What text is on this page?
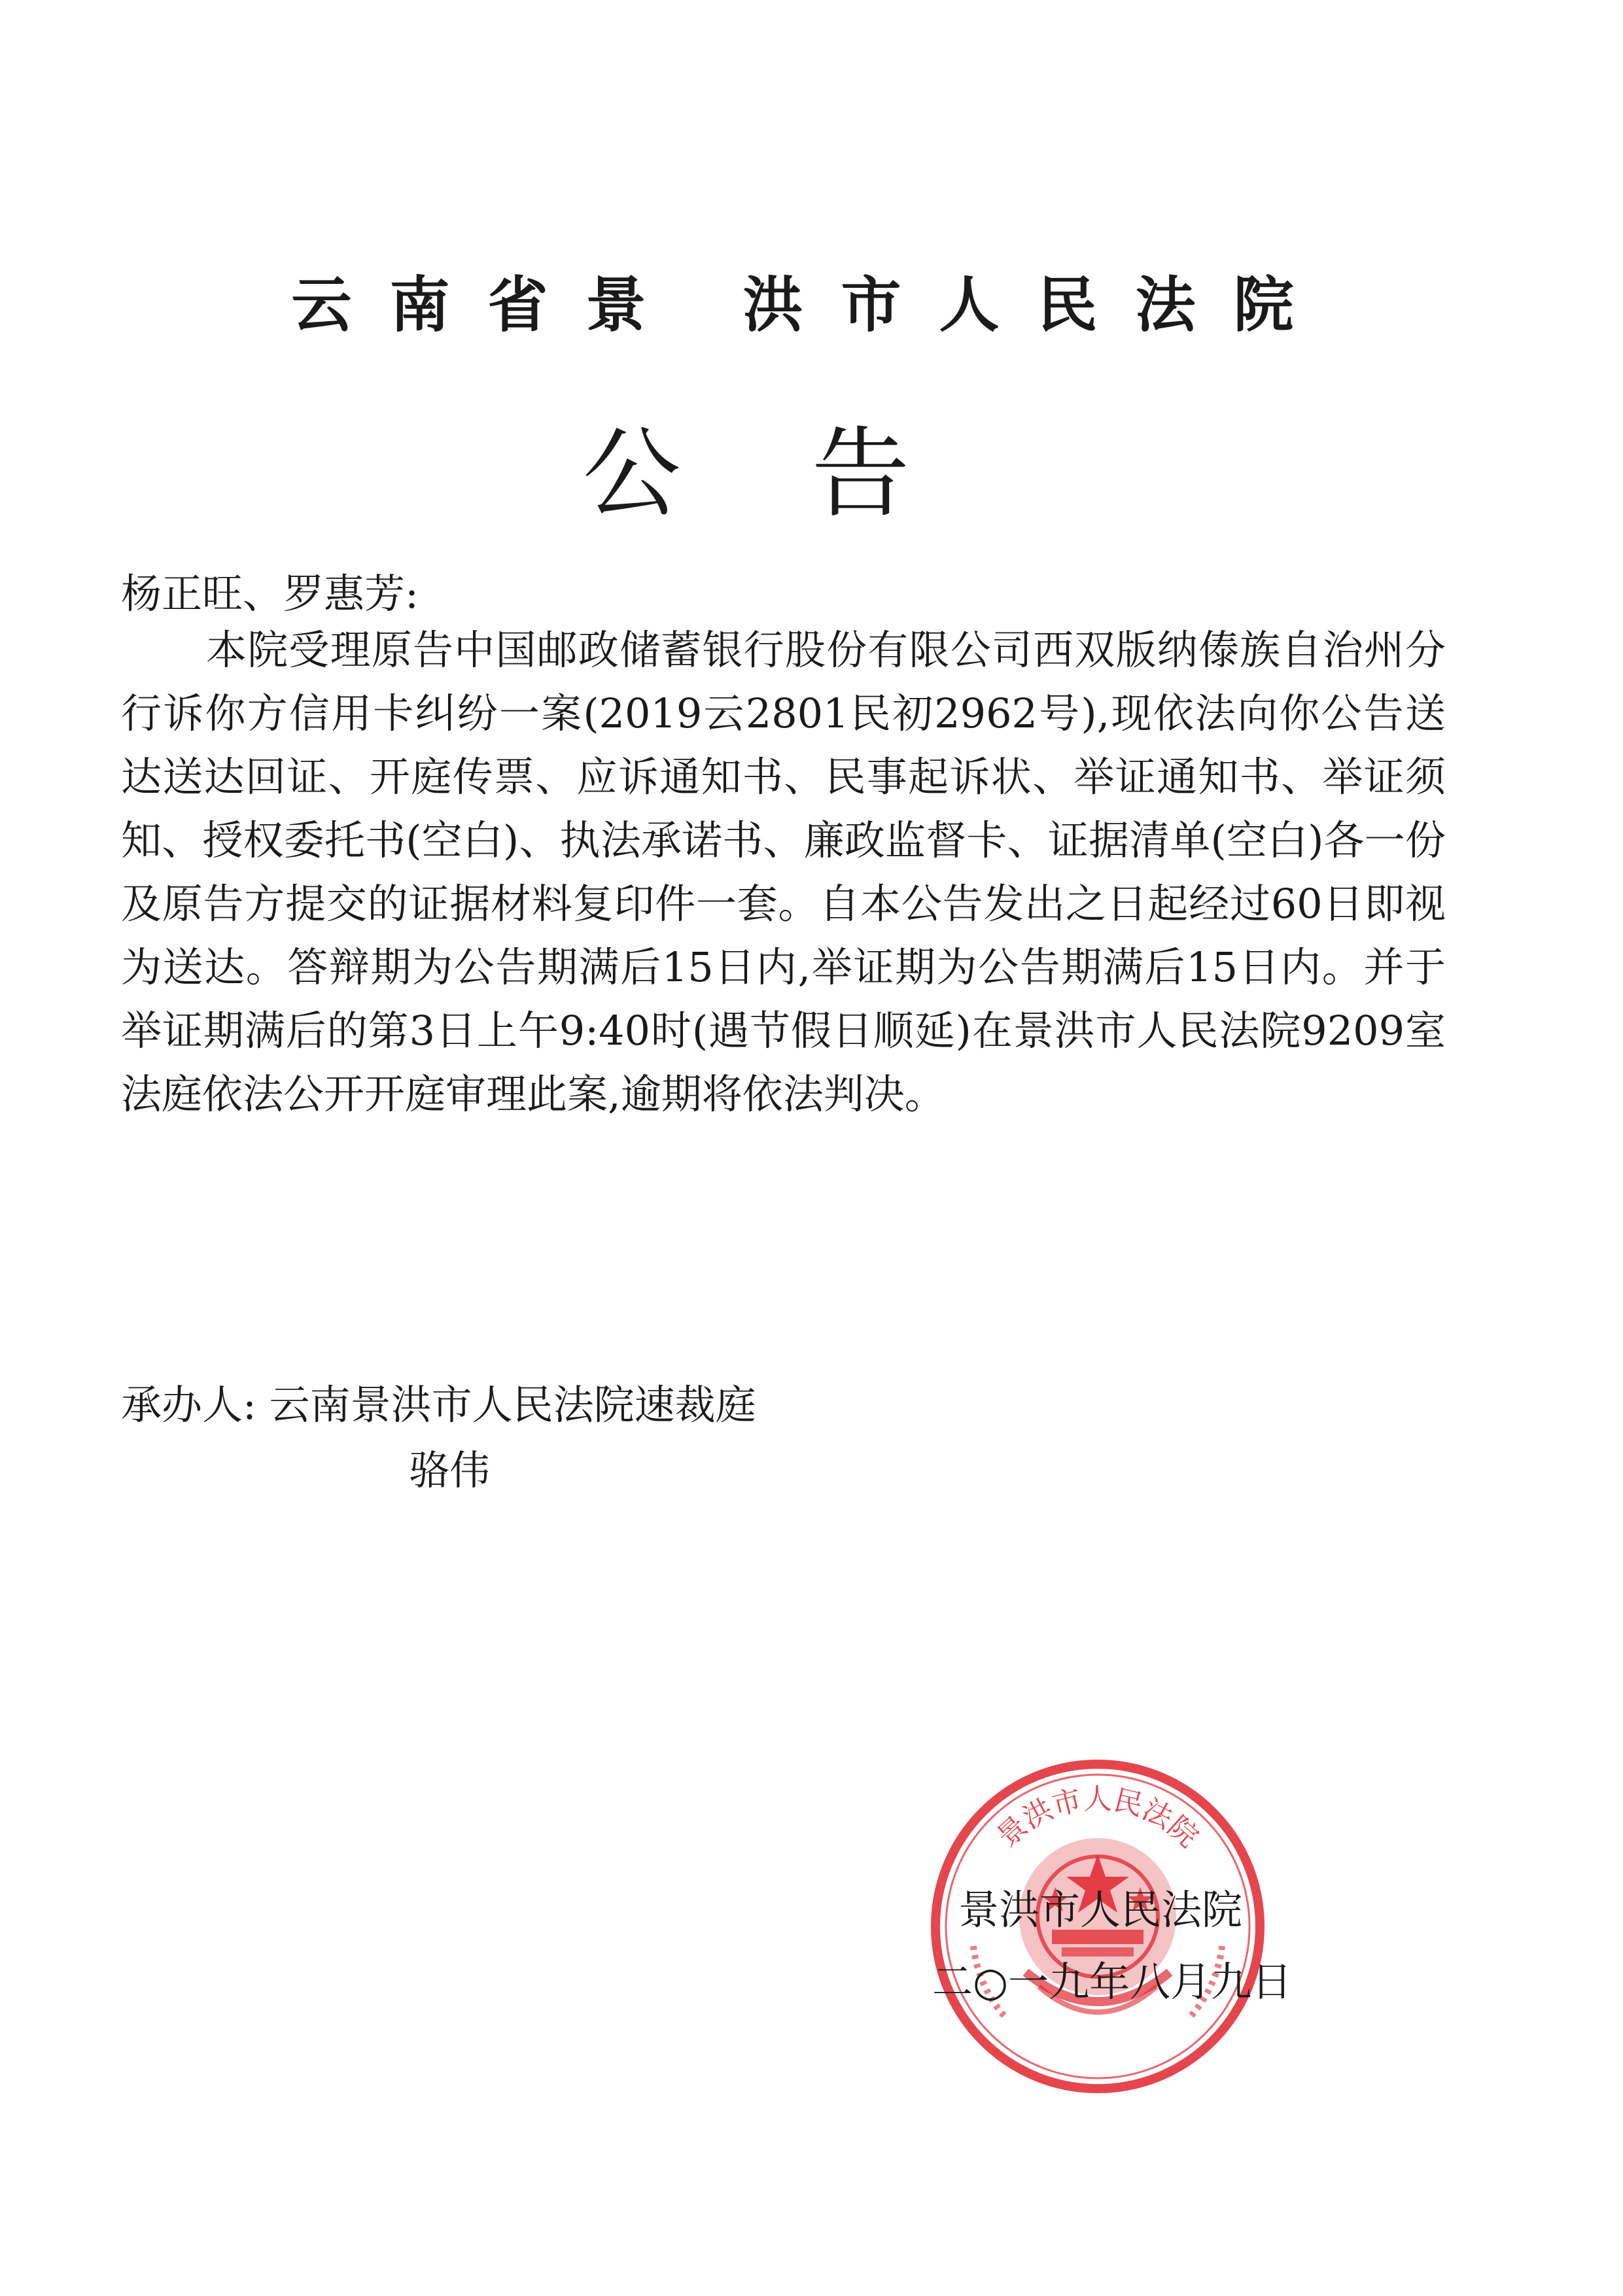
云南省景 洪市人民法院
公告
杨正旺、罗惠芳:

本院受理原告中国邮政储蓄银行股份有限公司西双版纳傣族自治州分行诉你方信用卡纠纷一案(2019云2801民初2962号),现依法向你公告送达送达回证、开庭传票、应诉通知书、民事起诉状、举证通知书、举证须知、授权委托书(空白)、执法承诺书、廉政监督卡、证据清单(空白)各一份及原告方提交的证据材料复印件一套。自本公告发出之日起经过60日即视为送达。答辩期为公告期满后15日内,举证期为公告期满后15日内。并于举证期满后的第3日上午9:40时(遇节假日顺延)在景洪市人民法院9209室法庭依法公开开庭审理此案,逾期将依法判决。

承办人: 云南景洪市人民法院速裁庭
骆伟
景洪市人民法院
景洪市人民法院
二○一九年八月九日
